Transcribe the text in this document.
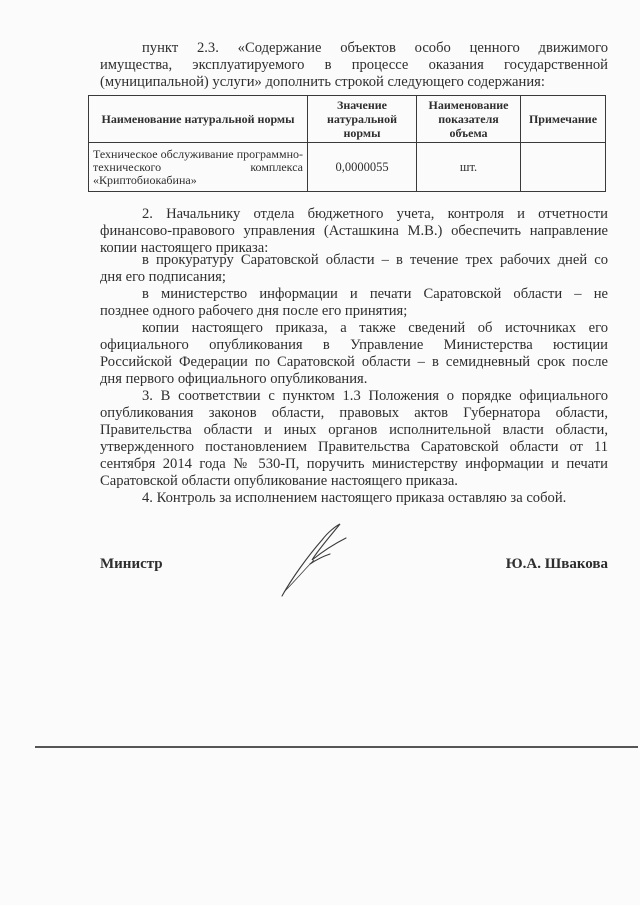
пункт 2.3. «Содержание объектов особо ценного движимого
имущества, эксплуатируемого в процессе оказания государственной
(муниципальной) услуги» дополнить строкой следующего содержания:
Наименование натуральной нормы	Значение натуральной нормы	Наименование показателя объема	Примечание
Техническое обслуживание программно-технического комплекса «Криптобиокабина»	0,0000055	шт.	
2. Начальнику отдела бюджетного учета, контроля и отчетности
финансово-правового управления (Асташкина М.В.) обеспечить направление
копии настоящего приказа:
в прокуратуру Саратовской области – в течение трех рабочих дней со
дня его подписания;
в министерство информации и печати Саратовской области – не
позднее одного рабочего дня после его принятия;
копии настоящего приказа, а также сведений об источниках его
официального опубликования в Управление Министерства юстиции
Российской Федерации по Саратовской области – в семидневный срок после
дня первого официального опубликования.
3. В соответствии с пунктом 1.3 Положения о порядке официального
опубликования законов области, правовых актов Губернатора области,
Правительства области и иных органов исполнительной власти области,
утвержденного постановлением Правительства Саратовской области от 11
сентября 2014 года № 530-П, поручить министерству информации и печати
Саратовской области опубликование настоящего приказа.
4. Контроль за исполнением настоящего приказа оставляю за собой.
Министр	Ю.А. Швакова
